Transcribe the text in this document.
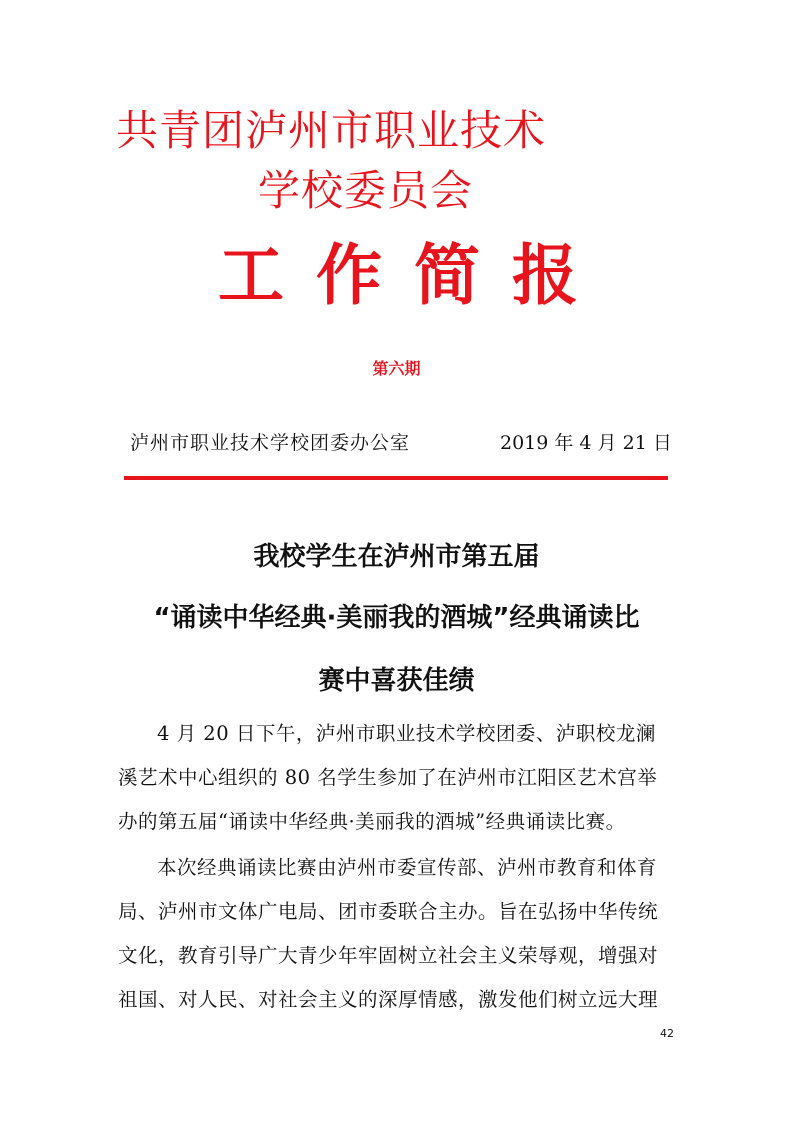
共青团泸州市职业技术
学校委员会
工作简报
第六期
泸州市职业技术学校团委办公室	2019 年 4 月 21 日
我校学生在泸州市第五届
“诵读中华经典·美丽我的酒城”经典诵读比
赛中喜获佳绩
4 月 20 日下午，泸州市职业技术学校团委、泸职校龙澜
溪艺术中心组织的 80 名学生参加了在泸州市江阳区艺术宫举
办的第五届“诵读中华经典·美丽我的酒城”经典诵读比赛。
本次经典诵读比赛由泸州市委宣传部、泸州市教育和体育
局、泸州市文体广电局、团市委联合主办。旨在弘扬中华传统
文化，教育引导广大青少年牢固树立社会主义荣辱观，增强对
祖国、对人民、对社会主义的深厚情感，激发他们树立远大理
42
